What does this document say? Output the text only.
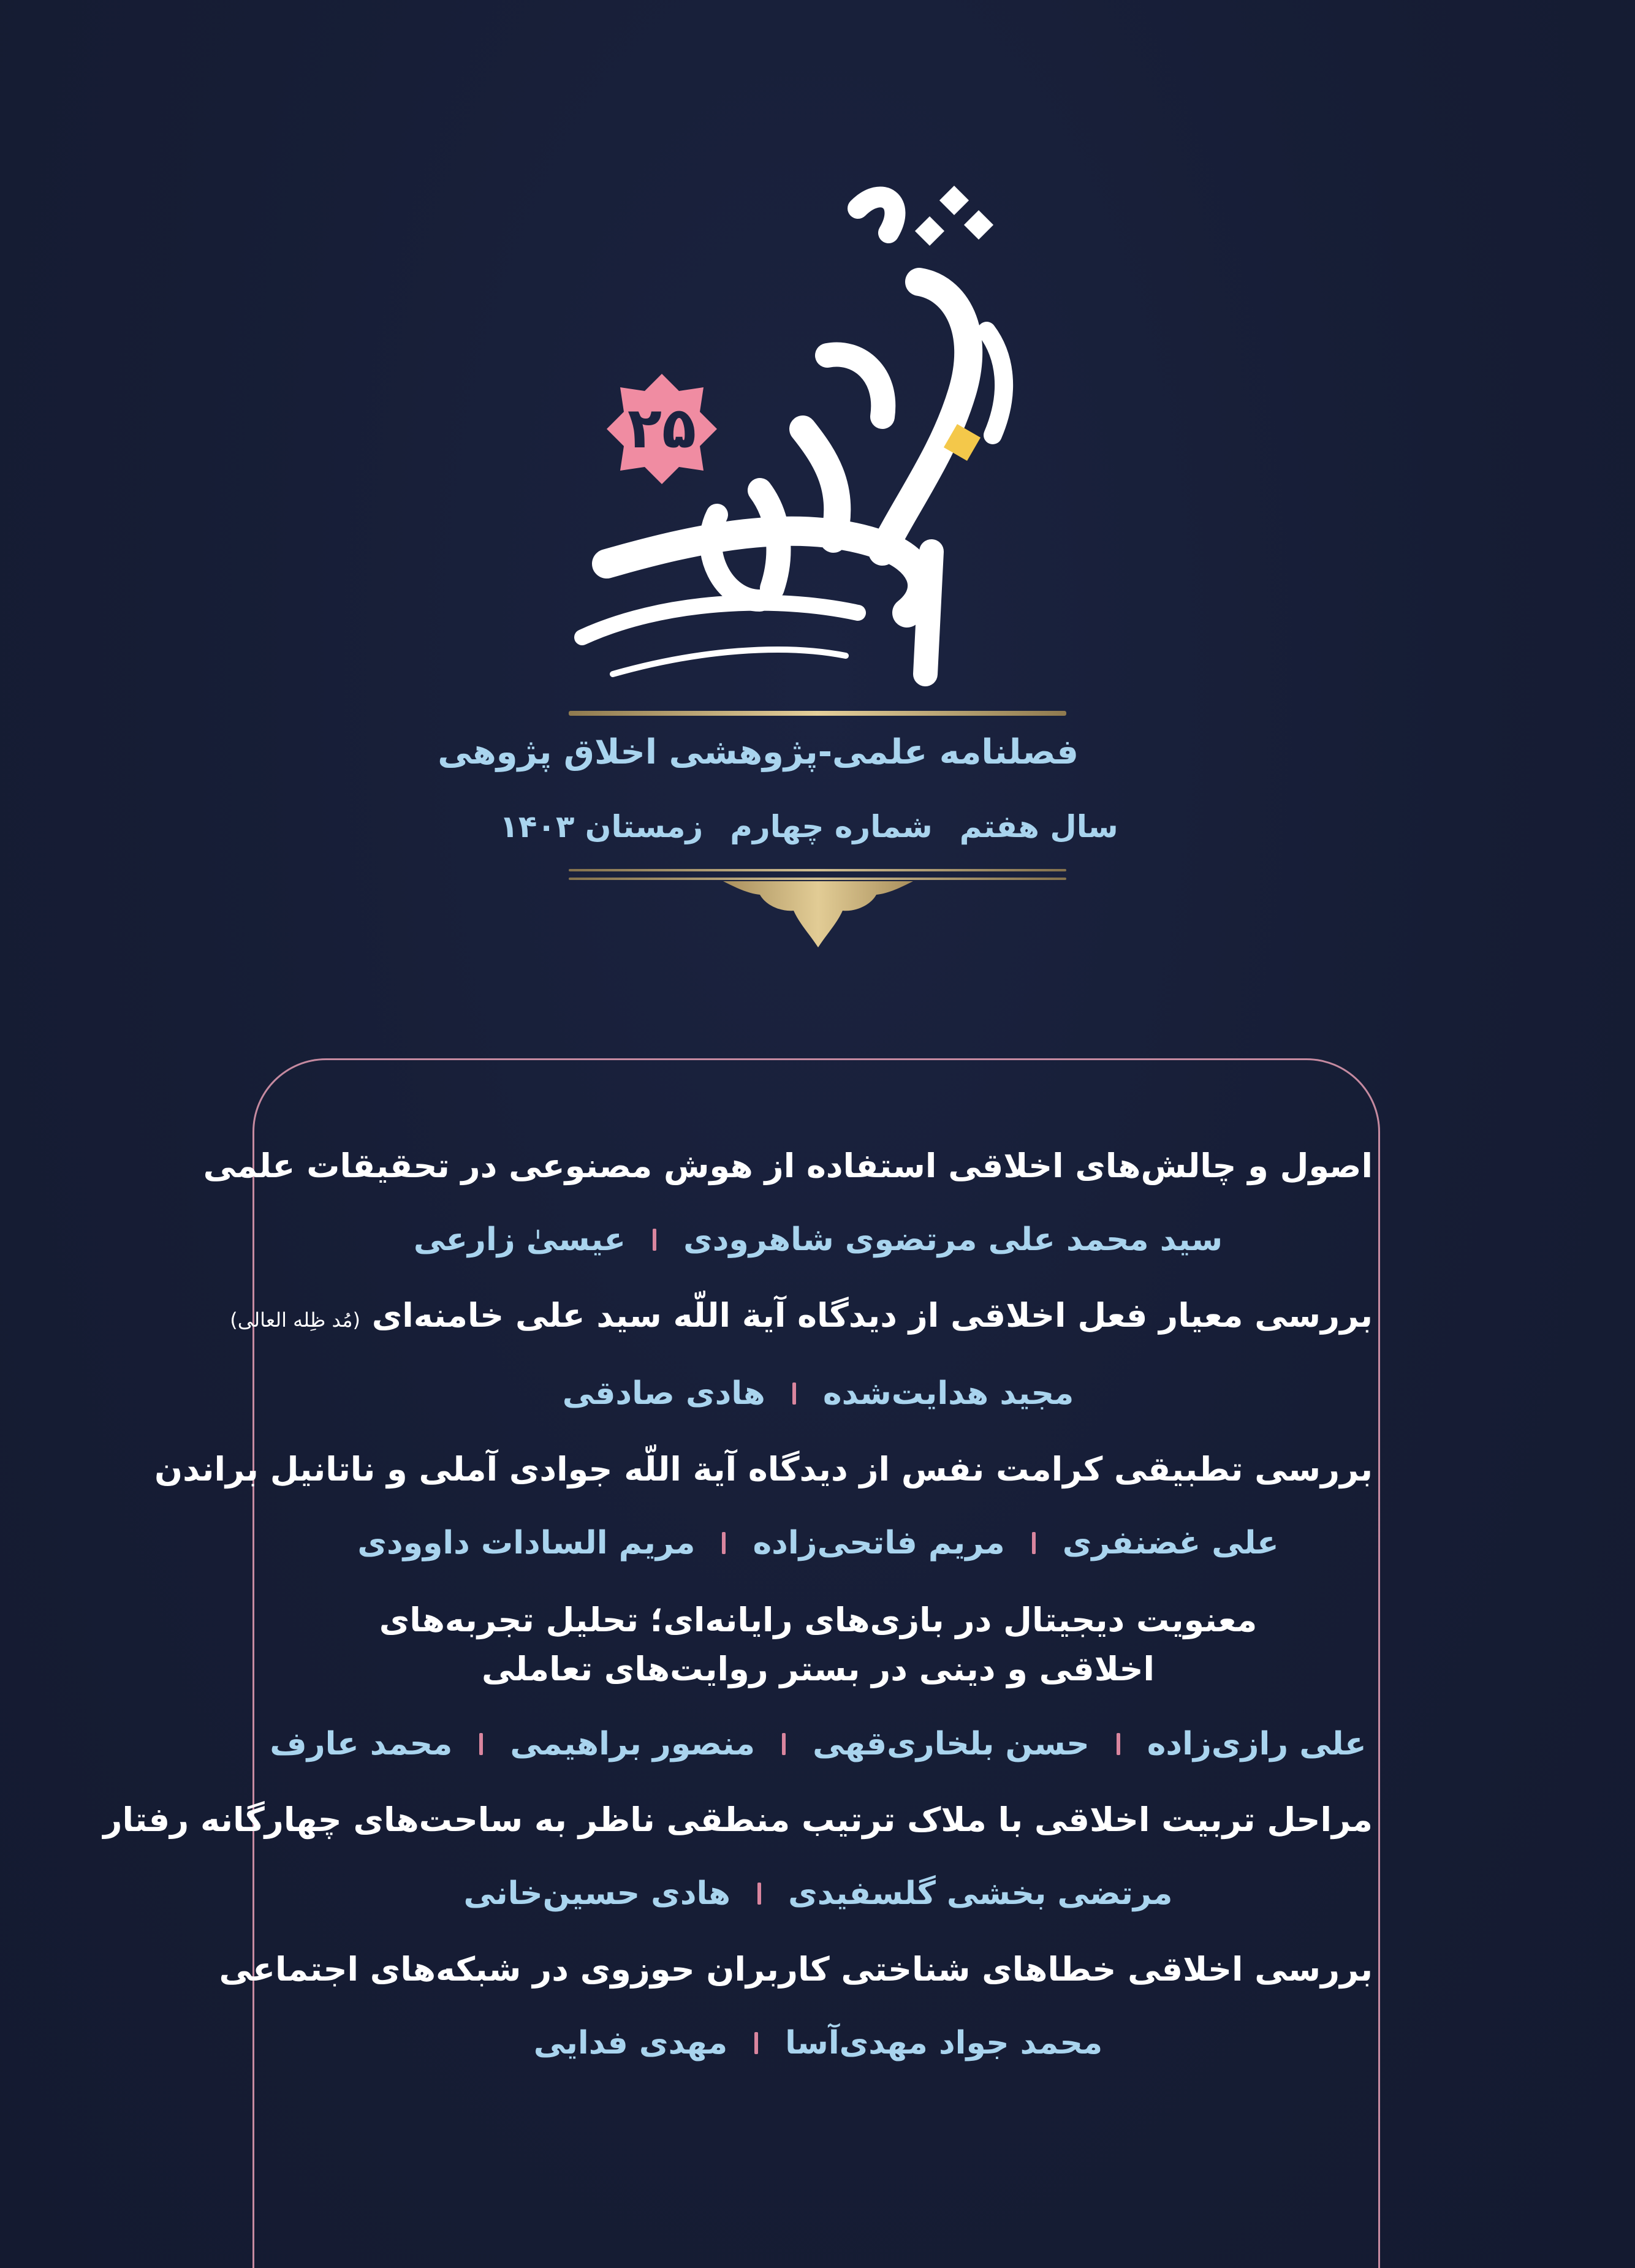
۲۵
فصلنامه علمی-پژوهشی اخلاق پژوهی
سال هفتم
شماره چهارم
زمستان ۱۴۰۳

اصول و چالش‌های اخلاقی استفاده از هوش مصنوعی در تحقیقات علمی

سید محمد علی مرتضوی شاهرودی
عیسیٰ زارعی

بررسی معیار فعل اخلاقی از دیدگاه آیة اللّه سید علی خامنه‌ای (مُد ظِله العالی)

مجید هدایت‌شده
هادی صادقی

بررسی تطبیقی کرامت نفس از دیدگاه آیة اللّه جوادی آملی و ناتانیل براندن

علی غضنفری
مریم فاتحی‌زاده
مریم السادات داوودی

معنویت دیجیتال در بازی‌های رایانه‌ای؛ تحلیل تجربه‌های اخلاقی و دینی در بستر روایت‌های تعاملی

علی رازی‌زاده
حسن بلخاری‌قهی
منصور براهیمی
محمد عارف

مراحل تربیت اخلاقی با ملاک ترتیب منطقی ناظر به ساحت‌های چهارگانه رفتار

مرتضی بخشی گلسفیدی
هادی حسین‌خانی

بررسی اخلاقی خطاهای شناختی کاربران حوزوی در شبکه‌های اجتماعی

محمد جواد مهدی‌آسا
مهدی فدایی
